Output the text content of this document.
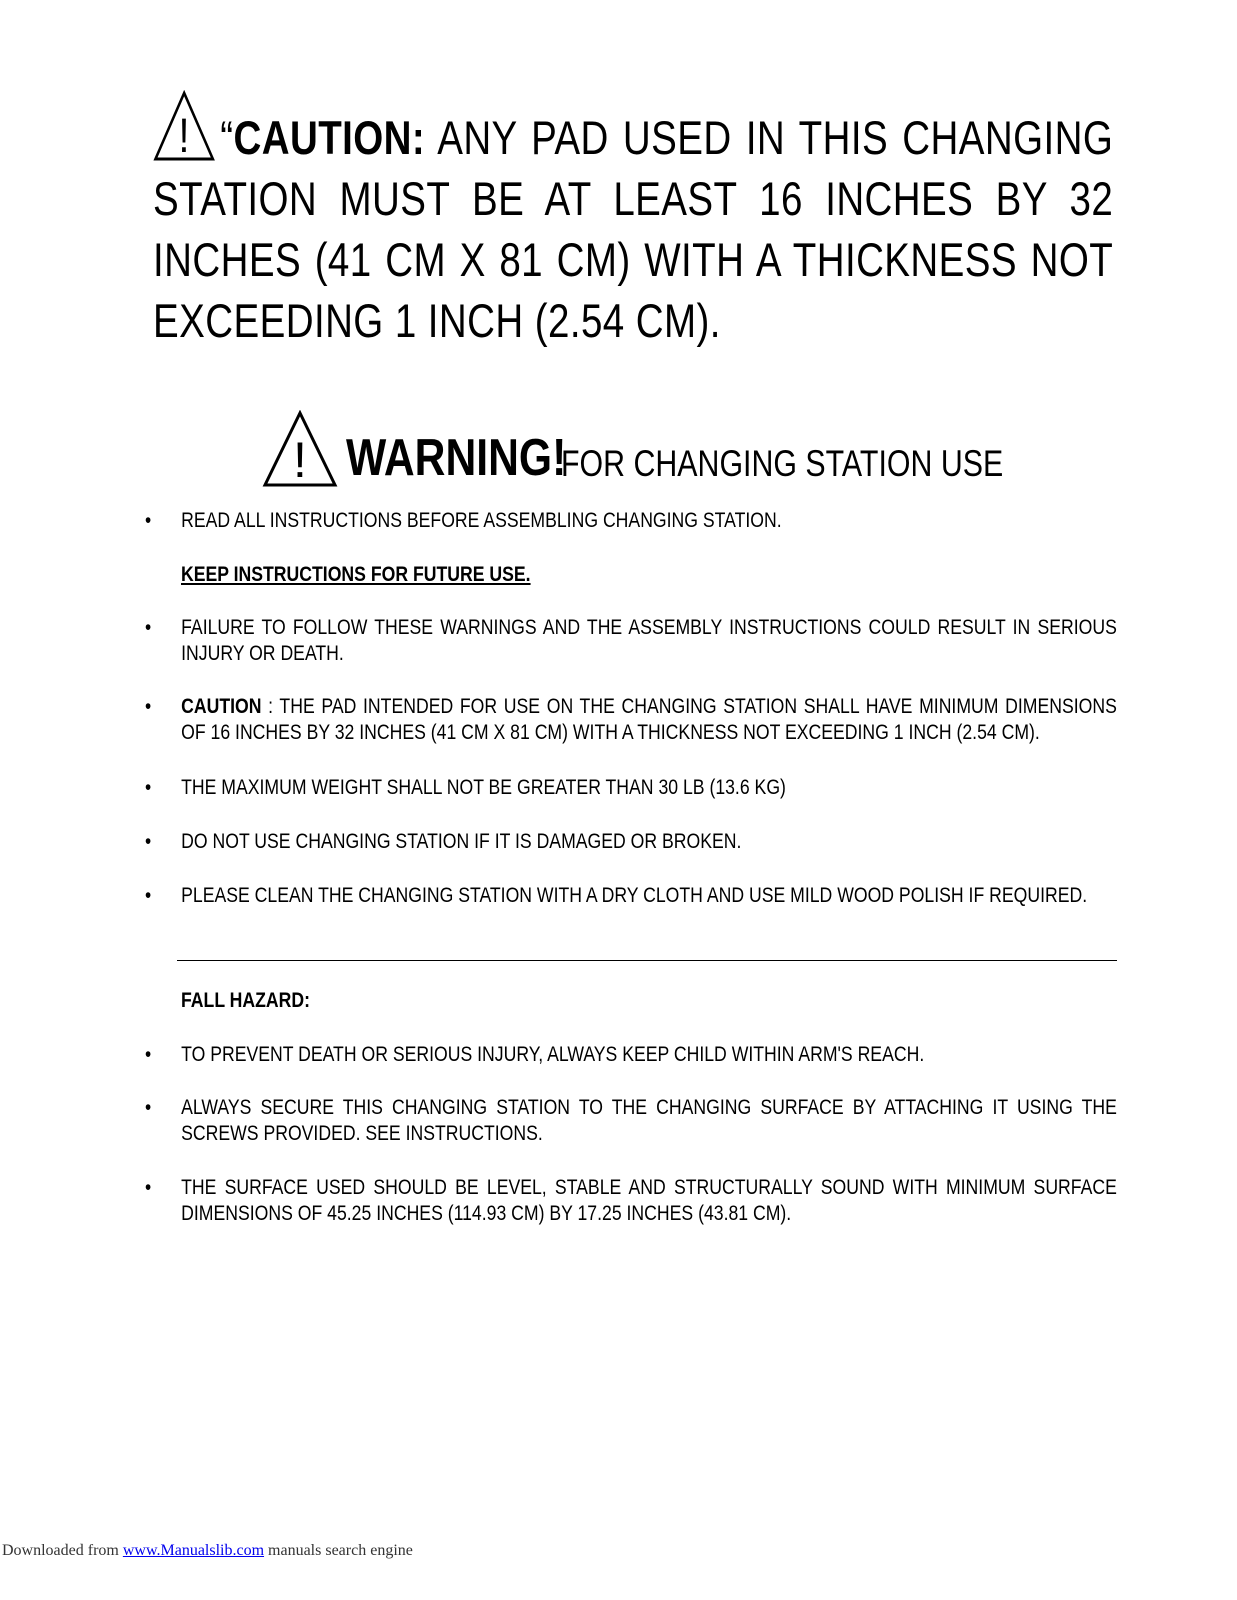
! “CAUTION: ANY PAD USED IN THIS CHANGING STATION MUST BE AT LEAST 16 INCHES BY 32 INCHES (41 CM X 81 CM) WITH A THICKNESS NOT EXCEEDING 1 INCH (2.54 CM).
! WARNING!
FOR CHANGING STATION USE
•	READ ALL INSTRUCTIONS BEFORE ASSEMBLING CHANGING STATION.
KEEP INSTRUCTIONS FOR FUTURE USE.
•	FAILURE TO FOLLOW THESE WARNINGS AND THE ASSEMBLY INSTRUCTIONS COULD RESULT IN SERIOUS INJURY OR DEATH.
•	CAUTION : THE PAD INTENDED FOR USE ON THE CHANGING STATION SHALL HAVE MINIMUM DIMENSIONS OF 16 INCHES BY 32 INCHES (41 CM X 81 CM) WITH A THICKNESS NOT EXCEEDING 1 INCH (2.54 CM).
•	THE MAXIMUM WEIGHT SHALL NOT BE GREATER THAN 30 LB (13.6 KG)
•	DO NOT USE CHANGING STATION IF IT IS DAMAGED OR BROKEN.
•	PLEASE CLEAN THE CHANGING STATION WITH A DRY CLOTH AND USE MILD WOOD POLISH IF REQUIRED.
FALL HAZARD:
•	TO PREVENT DEATH OR SERIOUS INJURY, ALWAYS KEEP CHILD WITHIN ARM'S REACH.
•	ALWAYS SECURE THIS CHANGING STATION TO THE CHANGING SURFACE BY ATTACHING IT USING THE SCREWS PROVIDED. SEE INSTRUCTIONS.
•	THE SURFACE USED SHOULD BE LEVEL, STABLE AND STRUCTURALLY SOUND WITH MINIMUM SURFACE DIMENSIONS OF 45.25 INCHES (114.93 CM) BY 17.25 INCHES (43.81 CM).
Downloaded from www.Manualslib.com manuals search engine
